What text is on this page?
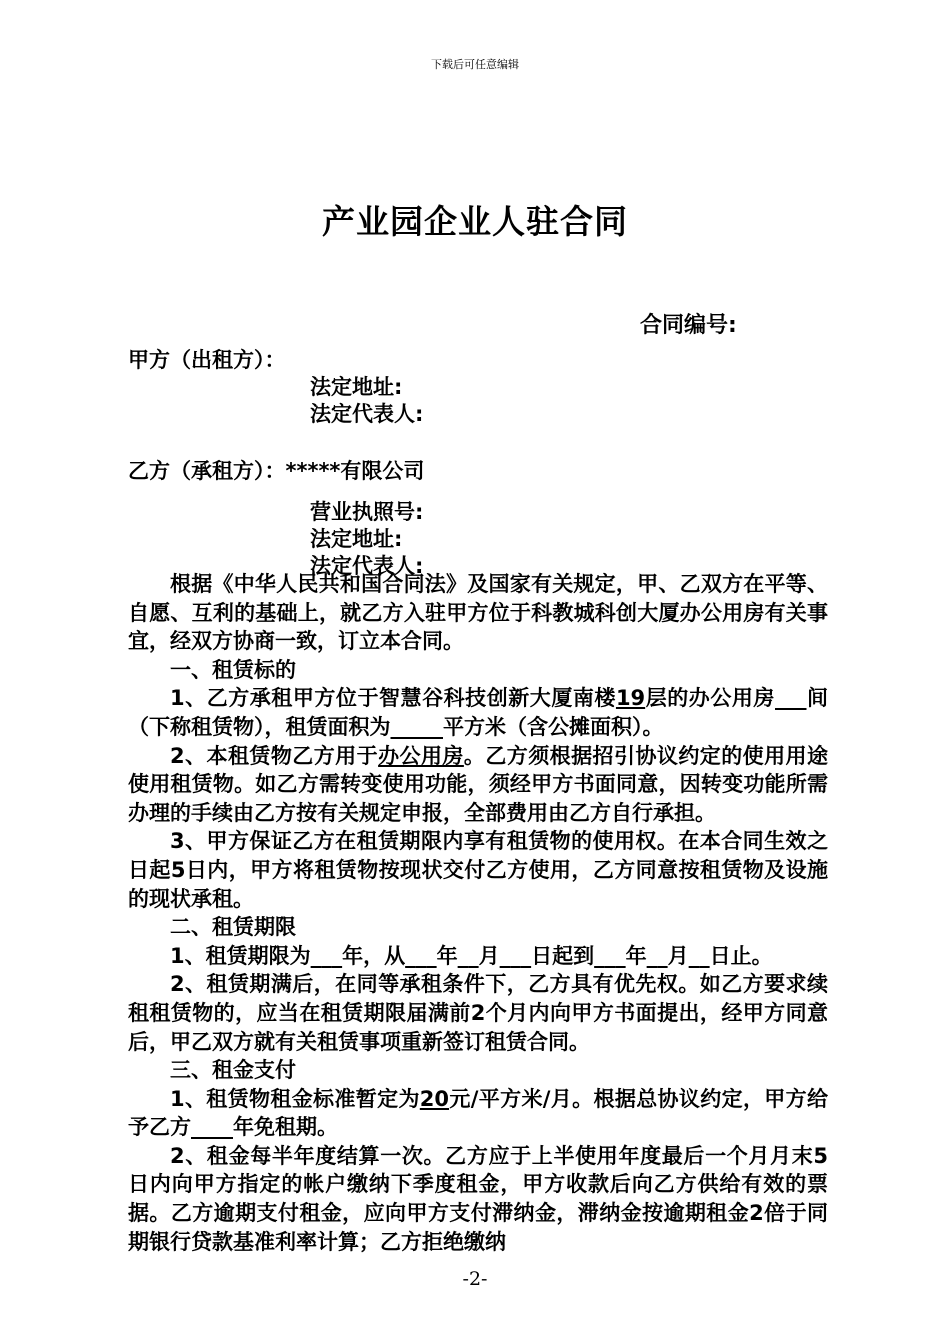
下载后可任意编辑
产业园企业人驻合同
合同编号:
甲方（出租方）：
法定地址:
法定代表人:
乙方（承租方）：*****有限公司
营业执照号:
法定地址:
法定代表人:

根据《中华人民共和国合同法》及国家有关规定，甲、乙双方在平等、自愿、互利的基础上，就乙方入驻甲方位于科教城科创大厦办公用房有关事宜，经双方协商一致，订立本合同。

一、租赁标的

1、乙方承租甲方位于智慧谷科技创新大厦南楼19层的办公用房___间（下称租赁物），租赁面积为_____平方米（含公摊面积）。

2、本租赁物乙方用于办公用房。乙方须根据招引协议约定的使用用途使用租赁物。如乙方需转变使用功能，须经甲方书面同意，因转变功能所需办理的手续由乙方按有关规定申报，全部费用由乙方自行承担。

3、甲方保证乙方在租赁期限内享有租赁物的使用权。在本合同生效之日起5日内，甲方将租赁物按现状交付乙方使用，乙方同意按租赁物及设施的现状承租。

二、租赁期限

1、租赁期限为___年，从___年__月___日起到___年__月__日止。

2、租赁期满后，在同等承租条件下，乙方具有优先权。如乙方要求续租租赁物的，应当在租赁期限届满前2个月内向甲方书面提出，经甲方同意后，甲乙双方就有关租赁事项重新签订租赁合同。

三、租金支付

1、租赁物租金标准暂定为20元/平方米/月。根据总协议约定，甲方给予乙方____年免租期。

2、租金每半年度结算一次。乙方应于上半使用年度最后一个月月末5日内向甲方指定的帐户缴纳下季度租金，甲方收款后向乙方供给有效的票据。乙方逾期支付租金，应向甲方支付滞纳金，滞纳金按逾期租金2倍于同期银行贷款基准利率计算；乙方拒绝缴纳

-2-
